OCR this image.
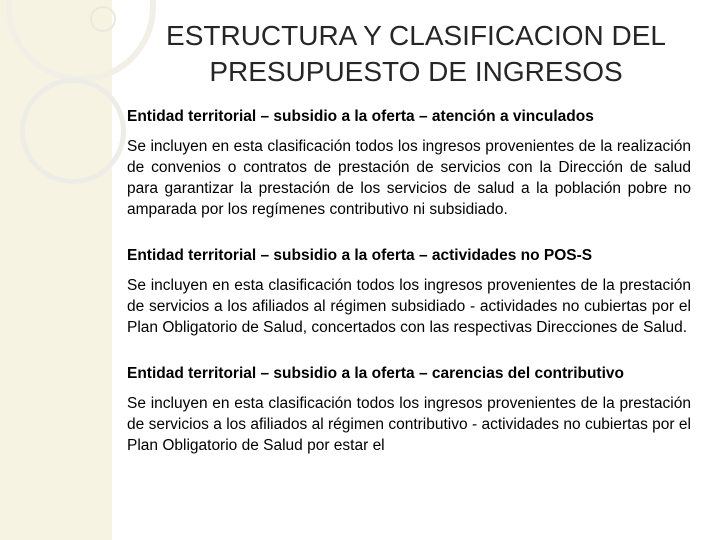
ESTRUCTURA Y CLASIFICACION DEL
PRESUPUESTO DE INGRESOS

Entidad territorial – subsidio a la oferta – atención a vinculados

Se incluyen en esta clasificación todos los ingresos provenientes de la realización de convenios o contratos de prestación de servicios con la Dirección de salud para garantizar la prestación de los servicios de salud a la población pobre no amparada por los regímenes contributivo ni subsidiado.

Entidad territorial – subsidio a la oferta – actividades no POS-S

Se incluyen en esta clasificación todos los ingresos provenientes de la prestación de servicios a los afiliados al régimen subsidiado - actividades no cubiertas por el Plan Obligatorio de Salud, concertados con las respectivas Direcciones de Salud.

Entidad territorial – subsidio a la oferta – carencias del contributivo

Se incluyen en esta clasificación todos los ingresos provenientes de la prestación de servicios a los afiliados al régimen contributivo - actividades no cubiertas por el Plan Obligatorio de Salud por estar el
